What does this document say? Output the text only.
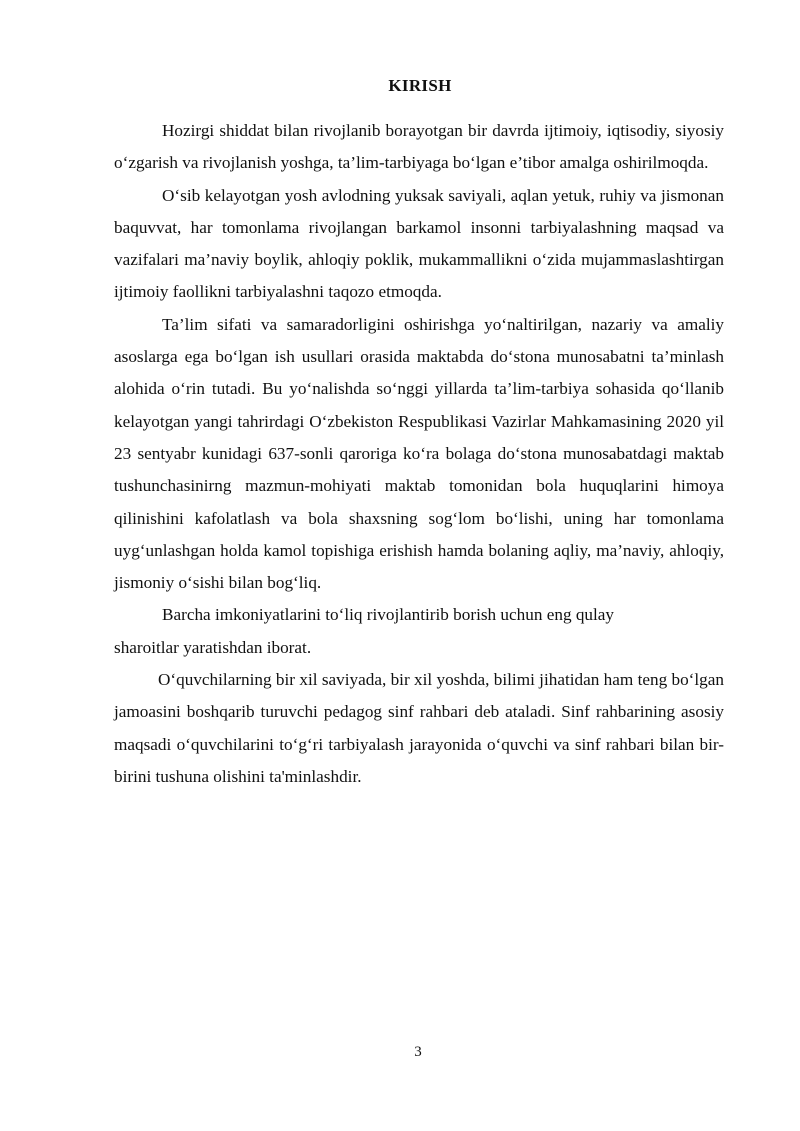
KIRISH

Hozirgi shiddat bilan rivojlanib borayotgan bir davrda ijtimoiy, iqtisodiy, siyosiy o‘zgarish va rivojlanish yoshga, ta’lim-tarbiyaga bo‘lgan e’tibor amalga oshirilmoqda.

O‘sib kelayotgan yosh avlodning yuksak saviyali, aqlan yetuk, ruhiy va jismonan baquvvat, har tomonlama rivojlangan barkamol insonni tarbiyalashning maqsad va vazifalari ma’naviy boylik, ahloqiy poklik, mukammallikni o‘zida mujammaslashtirgan ijtimoiy faollikni tarbiyalashni taqozo etmoqda.

Ta’lim sifati va samaradorligini oshirishga yo‘naltirilgan, nazariy va amaliy asoslarga ega bo‘lgan ish usullari orasida maktabda do‘stona munosabatni ta’minlash alohida o‘rin tutadi. Bu yo‘nalishda so‘nggi yillarda ta’lim-tarbiya sohasida qo‘llanib kelayotgan yangi tahrirdagi O‘zbekiston Respublikasi Vazirlar Mahkamasining 2020 yil 23 sentyabr kunidagi 637-sonli qaroriga ko‘ra bolaga do‘stona munosabatdagi maktab tushunchasinirng mazmun-mohiyati maktab tomonidan bola huquqlarini himoya qilinishini kafolatlash va bola shaxsning sog‘lom bo‘lishi, uning har tomonlama uyg‘unlashgan holda kamol topishiga erishish hamda bolaning aqliy, ma’naviy, ahloqiy, jismoniy o‘sishi bilan bog‘liq.

Barcha imkoniyatlarini to‘liq rivojlantirib borish uchun eng qulay sharoitlar yaratishdan iborat.

O‘quvchilarning bir xil saviyada, bir xil yoshda, bilimi jihatidan ham teng bo‘lgan jamoasini boshqarib turuvchi pedagog sinf rahbari deb ataladi. Sinf rahbarining asosiy maqsadi o‘quvchilarini to‘g‘ri tarbiyalash jarayonida o‘quvchi va sinf rahbari bilan bir-birini tushuna olishini ta'minlashdir.

3
